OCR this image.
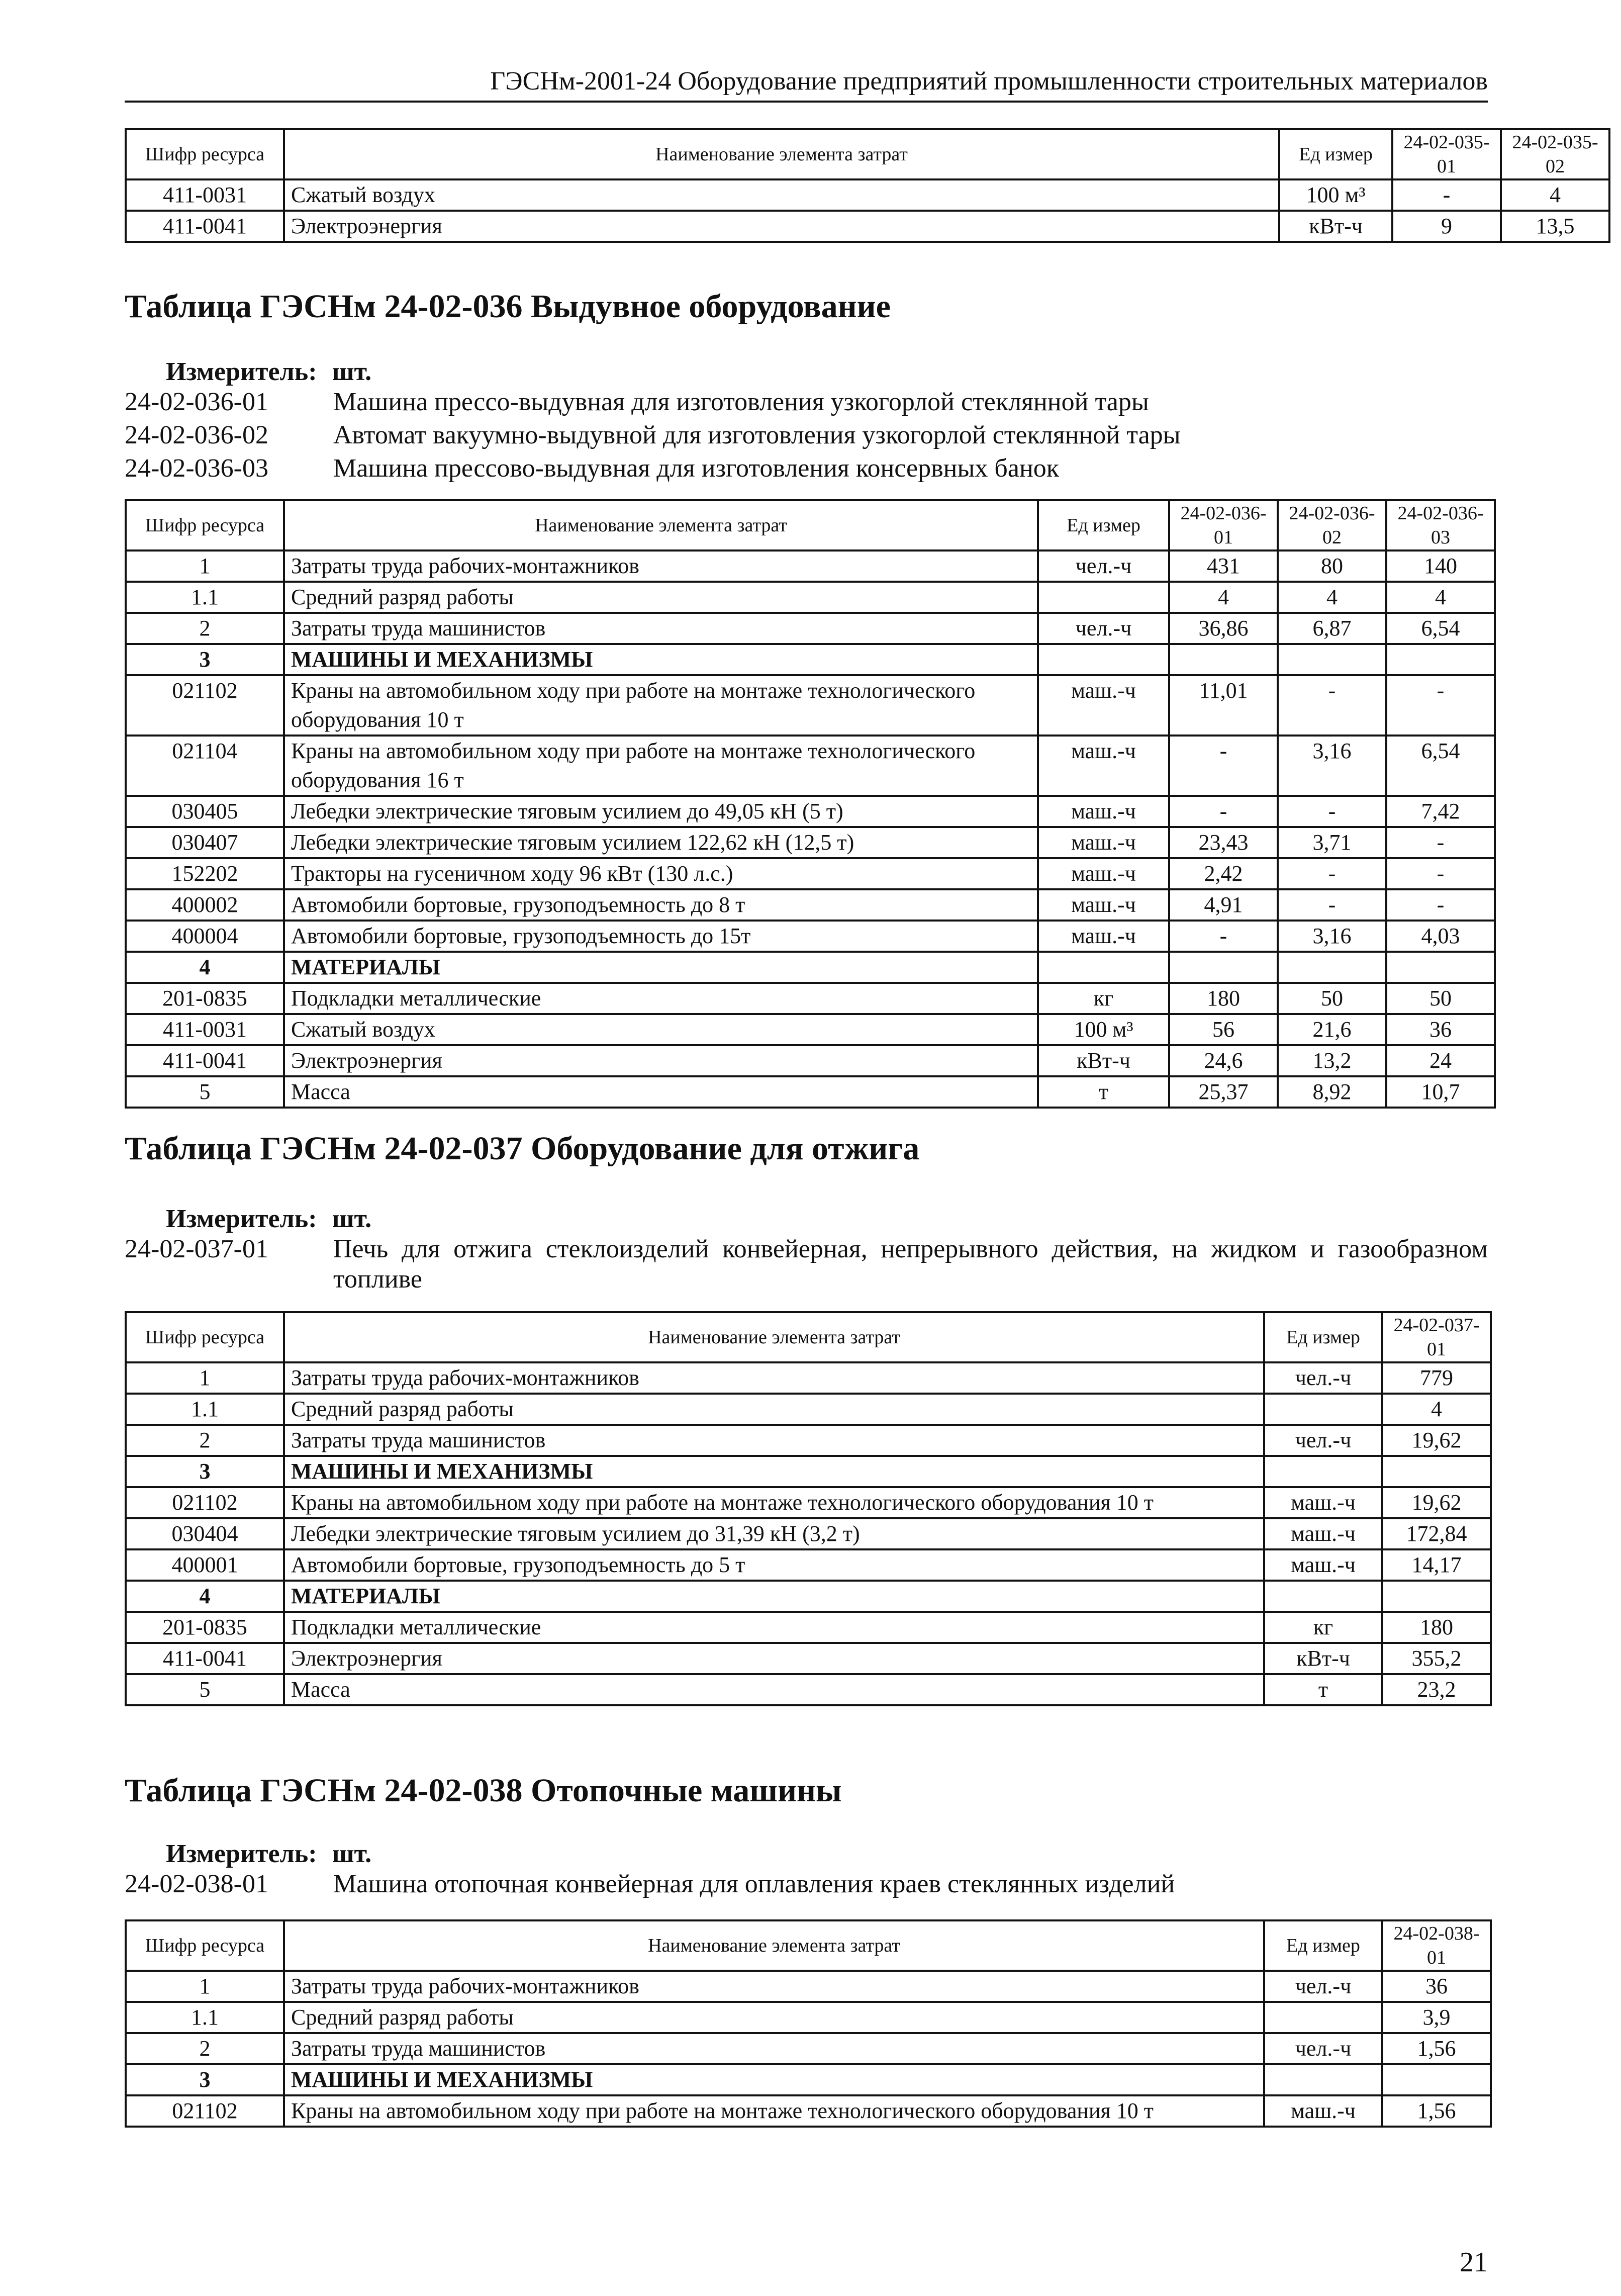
ГЭСНм-2001-24 Оборудование предприятий промышленности строительных материалов
Шифр ресурса	Наименование элемента затрат	Ед измер	24-02-035-01	24-02-035-02
411-0031	Сжатый воздух	100 м³	-	4
411-0041	Электроэнергия	кВт-ч	9	13,5
Таблица ГЭСНм 24-02-036 Выдувное оборудование
Измеритель: шт.
24-02-036-01	Машина прессо-выдувная для изготовления узкогорлой стеклянной тары
24-02-036-02	Автомат вакуумно-выдувной для изготовления узкогорлой стеклянной тары
24-02-036-03	Машина прессово-выдувная для изготовления консервных банок
Шифр ресурса	Наименование элемента затрат	Ед измер	24-02-036-01	24-02-036-02	24-02-036-03
1	Затраты труда рабочих-монтажников	чел.-ч	431	80	140
1.1	Средний разряд работы		4	4	4
2	Затраты труда машинистов	чел.-ч	36,86	6,87	6,54
3	МАШИНЫ И МЕХАНИЗМЫ				
021102	Краны на автомобильном ходу при работе на монтаже технологического оборудования 10 т	маш.-ч	11,01	-	-
021104	Краны на автомобильном ходу при работе на монтаже технологического оборудования 16 т	маш.-ч	-	3,16	6,54
030405	Лебедки электрические тяговым усилием до 49,05 кН (5 т)	маш.-ч	-	-	7,42
030407	Лебедки электрические тяговым усилием 122,62 кН (12,5 т)	маш.-ч	23,43	3,71	-
152202	Тракторы на гусеничном ходу 96 кВт (130 л.с.)	маш.-ч	2,42	-	-
400002	Автомобили бортовые, грузоподъемность до 8 т	маш.-ч	4,91	-	-
400004	Автомобили бортовые, грузоподъемность до 15т	маш.-ч	-	3,16	4,03
4	МАТЕРИАЛЫ				
201-0835	Подкладки металлические	кг	180	50	50
411-0031	Сжатый воздух	100 м³	56	21,6	36
411-0041	Электроэнергия	кВт-ч	24,6	13,2	24
5	Масса	т	25,37	8,92	10,7
Таблица ГЭСНм 24-02-037 Оборудование для отжига
Измеритель: шт.
24-02-037-01	Печь для отжига стеклоизделий конвейерная, непрерывного действия, на жидком и газообразном топливе
Шифр ресурса	Наименование элемента затрат	Ед измер	24-02-037-01
1	Затраты труда рабочих-монтажников	чел.-ч	779
1.1	Средний разряд работы		4
2	Затраты труда машинистов	чел.-ч	19,62
3	МАШИНЫ И МЕХАНИЗМЫ		
021102	Краны на автомобильном ходу при работе на монтаже технологического оборудования 10 т	маш.-ч	19,62
030404	Лебедки электрические тяговым усилием до 31,39 кН (3,2 т)	маш.-ч	172,84
400001	Автомобили бортовые, грузоподъемность до 5 т	маш.-ч	14,17
4	МАТЕРИАЛЫ		
201-0835	Подкладки металлические	кг	180
411-0041	Электроэнергия	кВт-ч	355,2
5	Масса	т	23,2
Таблица ГЭСНм 24-02-038 Отопочные машины
Измеритель: шт.
24-02-038-01	Машина отопочная конвейерная для оплавления краев стеклянных изделий
Шифр ресурса	Наименование элемента затрат	Ед измер	24-02-038-01
1	Затраты труда рабочих-монтажников	чел.-ч	36
1.1	Средний разряд работы		3,9
2	Затраты труда машинистов	чел.-ч	1,56
3	МАШИНЫ И МЕХАНИЗМЫ		
021102	Краны на автомобильном ходу при работе на монтаже технологического оборудования 10 т	маш.-ч	1,56
21
